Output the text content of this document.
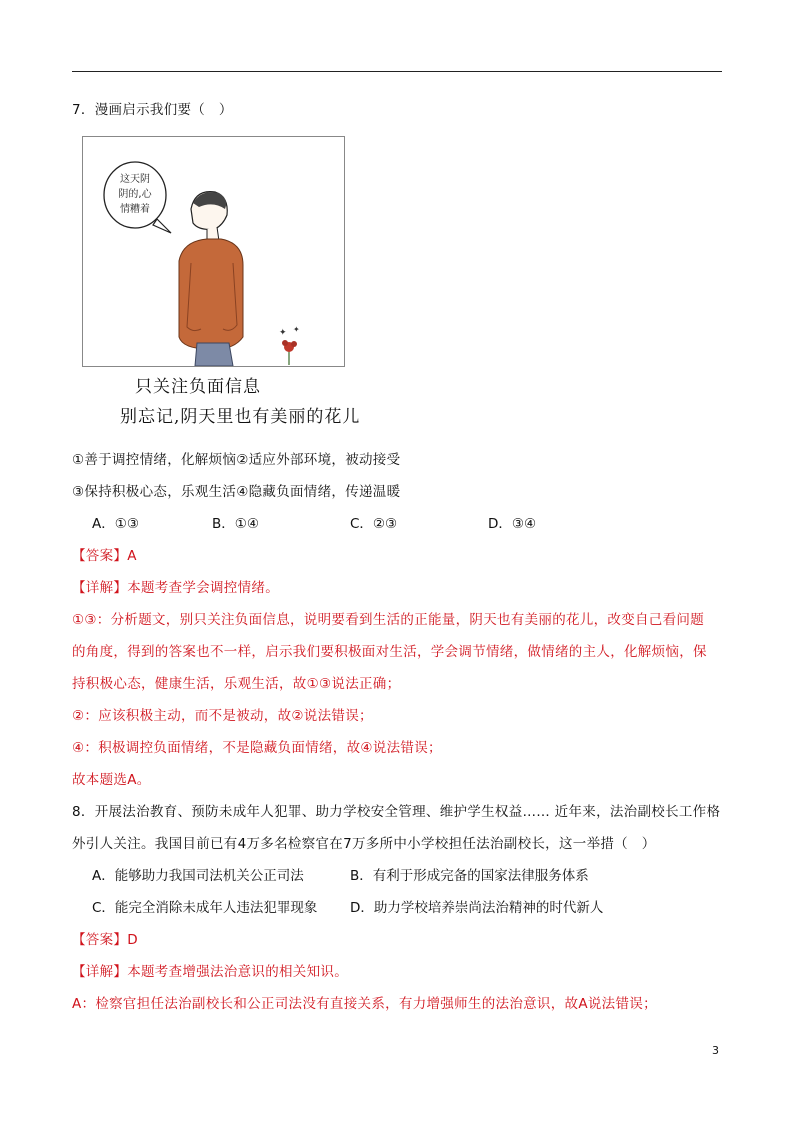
7．漫画启示我们要（　）
这天阴
阴的,心
情糟着
✦ ✦
只关注负面信息
别忘记,阴天里也有美丽的花儿
①善于调控情绪，化解烦恼②适应外部环境，被动接受
③保持积极心态，乐观生活④隐藏负面情绪，传递温暖
A．①③	B．①④	C．②③	D．③④
【答案】A
【详解】本题考查学会调控情绪。
①③：分析题文，别只关注负面信息，说明要看到生活的正能量，阴天也有美丽的花儿，改变自己看问题
的角度，得到的答案也不一样，启示我们要积极面对生活，学会调节情绪，做情绪的主人，化解烦恼，保
持积极心态，健康生活，乐观生活，故①③说法正确；
②：应该积极主动，而不是被动，故②说法错误；
④：积极调控负面情绪，不是隐藏负面情绪，故④说法错误；
故本题选A。
8．开展法治教育、预防未成年人犯罪、助力学校安全管理、维护学生权益…… 近年来，法治副校长工作格
外引人关注。我国目前已有4万多名检察官在7万多所中小学校担任法治副校长，这一举措（　）
A．能够助力我国司法机关公正司法	B．有利于形成完备的国家法律服务体系
C．能完全消除未成年人违法犯罪现象 D．助力学校培养崇尚法治精神的时代新人
【答案】D
【详解】本题考查增强法治意识的相关知识。
A：检察官担任法治副校长和公正司法没有直接关系，有力增强师生的法治意识，故A说法错误；
3
